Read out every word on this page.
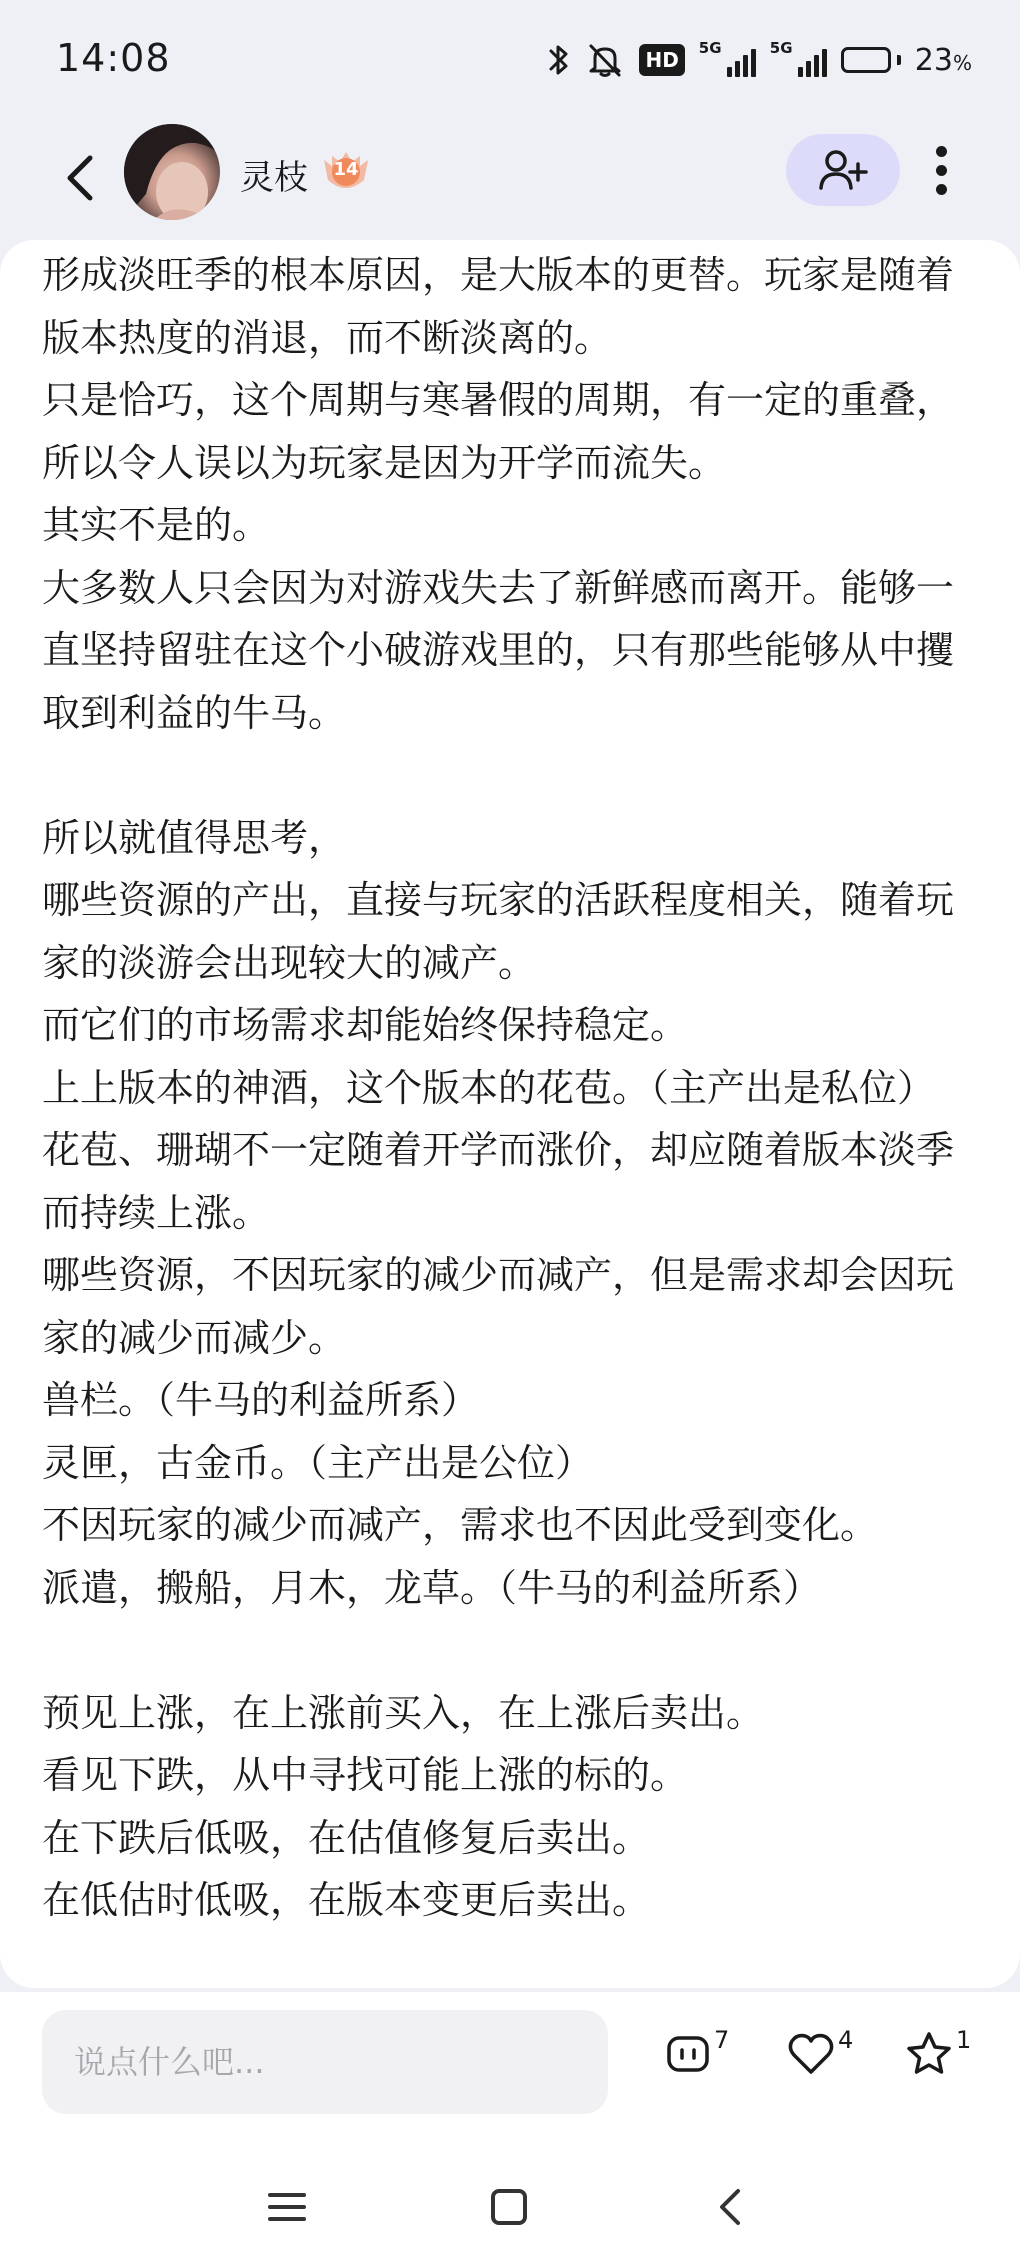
14:08	HD	5G	5G	23%
灵枝	14

形成淡旺季的根本原因，是大版本的更替。玩家是随着版本热度的消退，而不断淡离的。

只是恰巧，这个周期与寒暑假的周期，有一定的重叠，所以令人误以为玩家是因为开学而流失。

其实不是的。

大多数人只会因为对游戏失去了新鲜感而离开。能够一直坚持留驻在这个小破游戏里的，只有那些能够从中攫取到利益的牛马。

所以就值得思考，

哪些资源的产出，直接与玩家的活跃程度相关，随着玩家的淡游会出现较大的减产。

而它们的市场需求却能始终保持稳定。

上上版本的神酒，这个版本的花苞。（主产出是私位）

花苞、珊瑚不一定随着开学而涨价，却应随着版本淡季而持续上涨。

哪些资源，不因玩家的减少而减产，但是需求却会因玩家的减少而减少。

兽栏。（牛马的利益所系）

灵匣，古金币。（主产出是公位）

不因玩家的减少而减产，需求也不因此受到变化。

派遣，搬船，月木，龙草。（牛马的利益所系）

预见上涨，在上涨前买入，在上涨后卖出。

看见下跌，从中寻找可能上涨的标的。

在下跌后低吸，在估值修复后卖出。

在低估时低吸，在版本变更后卖出。

说点什么吧...
7	4	1
